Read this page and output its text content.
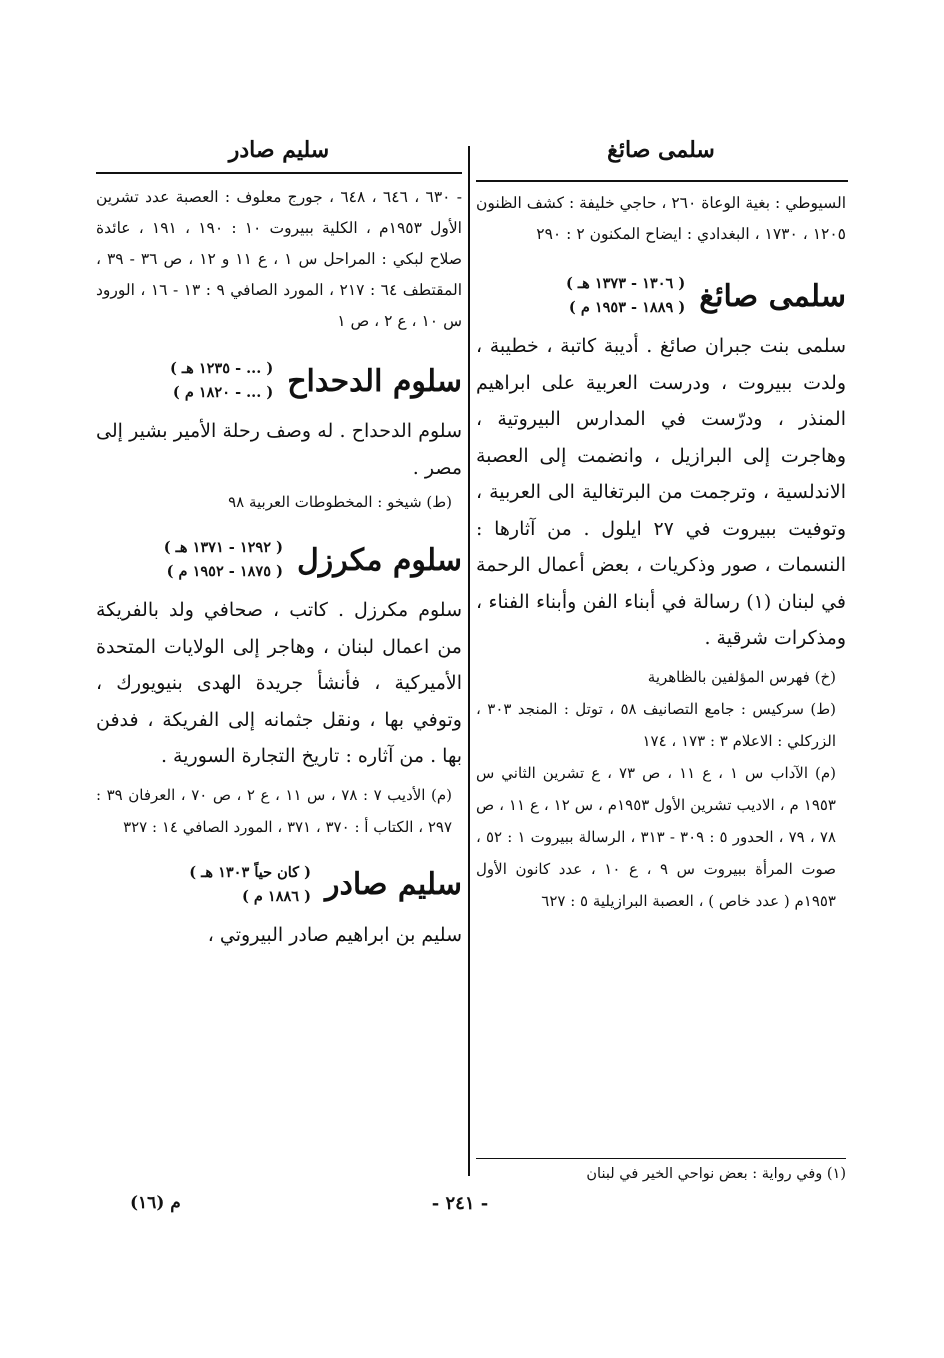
سلمى صائغ

السيوطي : بغية الوعاة ٢٦٠ ، حاجي خليفة : كشف الظنون ١٢٠٥ ، ١٧٣٠ ، البغدادي : ايضاح المكنون ٢ : ٢٩٠

سلمى صائغ
( ١٣٠٦ - ١٣٧٣ هـ )
( ١٨٨٩ - ١٩٥٣ م )

سلمى بنت جبران صائغ . أديبة كاتبة ، خطيبة ، ولدت ببيروت ، ودرست العربية على ابراهيم المنذر ، ودرّست في المدارس البيروتية ، وهاجرت إلى البرازيل ، وانضمت إلى العصبة الاندلسية ، وترجمت من البرتغالية الى العربية ، وتوفيت ببيروت في ٢٧ ايلول . من آثارها : النسمات ، صور وذكريات ، بعض أعمال الرحمة في لبنان (١) رسالة في أبناء الفن وأبناء الفناء ، ومذكرات شرقية .

(خ) فهرس المؤلفين بالظاهرية

(ط) سركيس : جامع التصانيف ٥٨ ، توتل : المنجد ٣٠٣ ، الزركلي : الاعلام ٣ : ١٧٣ ، ١٧٤

(م) الآداب س ١ ، ع ١١ ، ص ٧٣ ، ع تشرين الثاني س ١٩٥٣ م ، الاديب تشرين الأول ١٩٥٣م ، س ١٢ ، ع ١١ ، ص ٧٨ ، ٧٩ ، الحدور ٥ : ٣٠٩ - ٣١٣ ، الرسالة ببيروت ١ : ٥٢ ، صوت المرأة ببيروت س ٩ ، ع ١٠ ، عدد كانون الأول ١٩٥٣م ( عدد خاص ) ، العصبة البرازيلية ٥ : ٦٢٧

سليم صادر

- ٦٣٠ ، ٦٤٦ ، ٦٤٨ ، جورج معلوف : العصبة عدد تشرين الأول ١٩٥٣م ، الكلية ببيروت ١٠ : ١٩٠ ، ١٩١ ، عائدة صلاح لبكي : المراحل س ١ ، ع ١١ و ١٢ ، ص ٣٦ - ٣٩ ، المقتطف ٦٤ : ٢١٧ ، المورد الصافي ٩ : ١٣ - ١٦ ، الورود س ١٠ ، ع ٢ ، ص ١

سلوم الدحداح
( ... - ١٢٣٥ هـ )
( ... - ١٨٢٠ م )

سلوم الدحداح . له وصف رحلة الأمير بشير إلى مصر .

(ط) شيخو : المخطوطات العربية ٩٨

سلوم مكرزل
( ١٢٩٢ - ١٣٧١ هـ )
( ١٨٧٥ - ١٩٥٢ م )

سلوم مكرزل . كاتب ، صحافي ولد بالفريكة من اعمال لبنان ، وهاجر إلى الولايات المتحدة الأميركية ، فأنشأ جريدة الهدى بنيويورك ، وتوفي بها ، ونقل جثمانه إلى الفريكة ، فدفن بها . من آثاره : تاريخ التجارة السورية .

(م) الأديب ٧ : ٧٨ ، س ١١ ، ع ٢ ، ص ٧٠ ، العرفان ٣٩ : ٢٩٧ ، الكتاب أ : ٣٧٠ ، ٣٧١ ، المورد الصافي ١٤ : ٣٢٧

سليم صادر
( كان حياً ١٣٠٣ هـ )
( ١٨٨٦ م )

سليم بن ابراهيم صادر البيروتي ،

(١) وفي رواية : بعض نواحي الخير في لبنان
م (١٦)	- ٢٤١ -
